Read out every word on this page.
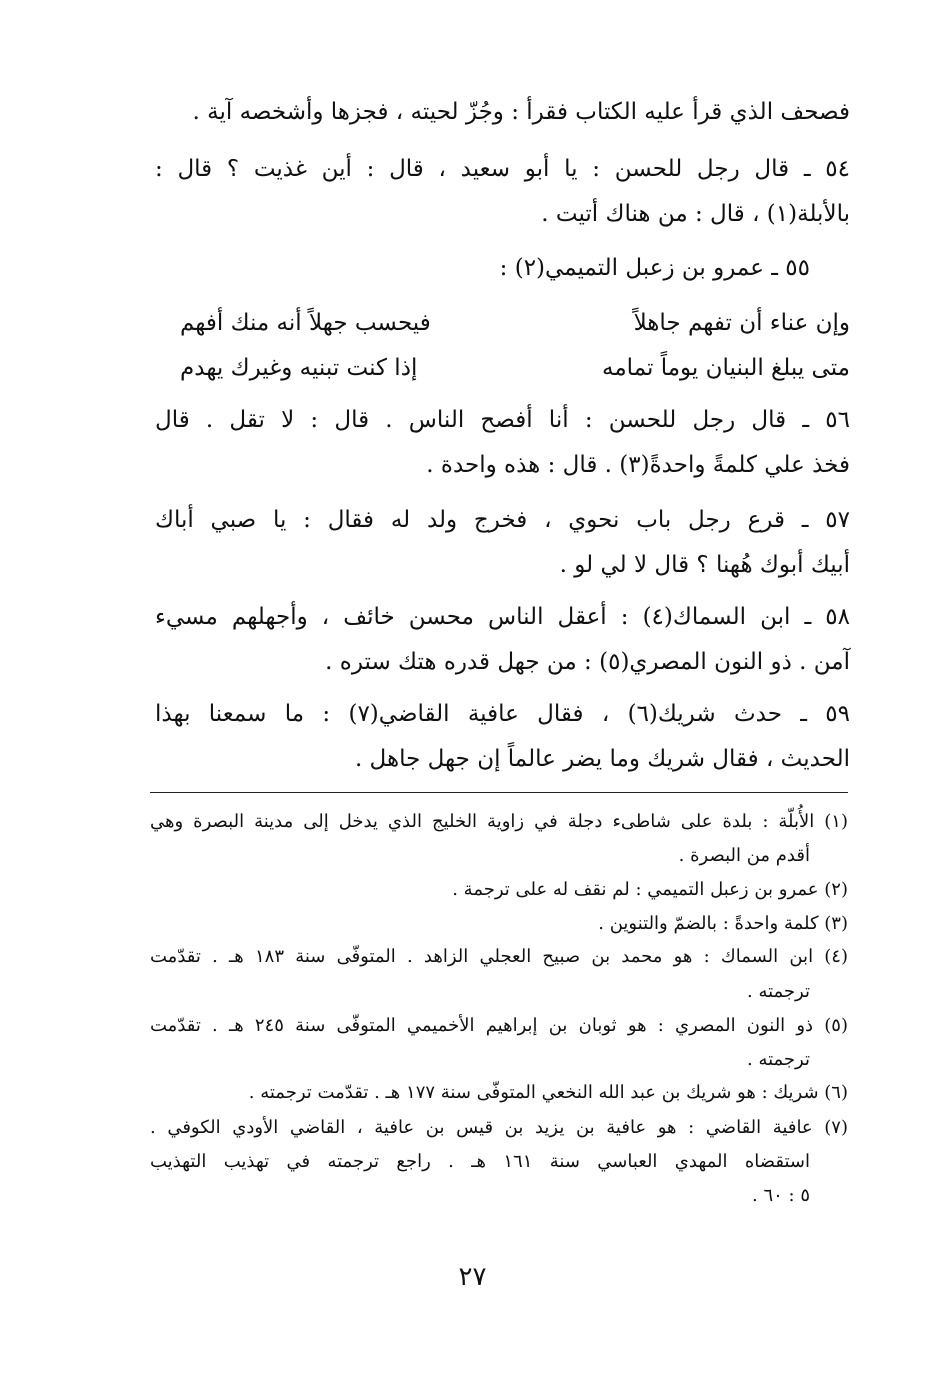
فصحف الذي قرأ عليه الكتاب فقرأ : وجُزّ لحيته ، فجزها وأشخصه آية .
٥٤ ـ قال رجل للحسن : يا أبو سعيد ، قال : أين غذيت ؟ قال :
بالأبلة(١) ، قال : من هناك أتيت .
٥٥ ـ عمرو بن زعبل التميمي(٢) :
وإن عناء أن تفهم جاهلاً
فيحسب جهلاً أنه منك أفهم
متى يبلغ البنيان يوماً تمامه
إذا كنت تبنيه وغيرك يهدم
٥٦ ـ قال رجل للحسن : أنا أفصح الناس . قال : لا تقل . قال
فخذ علي كلمةً واحدةً(٣) . قال : هذه واحدة .
٥٧ ـ قرع رجل باب نحوي ، فخرج ولد له فقال : يا صبي أباك
أبيك أبوك هُهنا ؟ قال لا لي لو .
٥٨ ـ ابن السماك(٤) : أعقل الناس محسن خائف ، وأجهلهم مسيء
آمن . ذو النون المصري(٥) : من جهل قدره هتك ستره .
٥٩ ـ حدث شريك(٦) ، فقال عافية القاضي(٧) : ما سمعنا بهذا
الحديث ، فقال شريك وما يضر عالماً إن جهل جاهل .
(١) الأُبلّة : بلدة على شاطىء دجلة في زاوية الخليج الذي يدخل إلى مدينة البصرة وهي
أقدم من البصرة .
(٢) عمرو بن زعبل التميمي : لم نقف له على ترجمة .
(٣) كلمة واحدةً : بالضمّ والتنوين .
(٤) ابن السماك : هو محمد بن صبيح العجلي الزاهد . المتوفّى سنة ١٨٣ هـ . تقدّمت
ترجمته .
(٥) ذو النون المصري : هو ثوبان بن إبراهيم الأخميمي المتوفّى سنة ٢٤٥ هـ . تقدّمت
ترجمته .
(٦) شريك : هو شريك بن عبد الله النخعي المتوفّى سنة ١٧٧ هـ . تقدّمت ترجمته .
(٧) عافية القاضي : هو عافية بن يزيد بن قيس بن عافية ، القاضي الأودي الكوفي .
استقضاه المهدي العباسي سنة ١٦١ هـ . راجع ترجمته في تهذيب التهذيب
٥ : ٦٠ .
٢٧
